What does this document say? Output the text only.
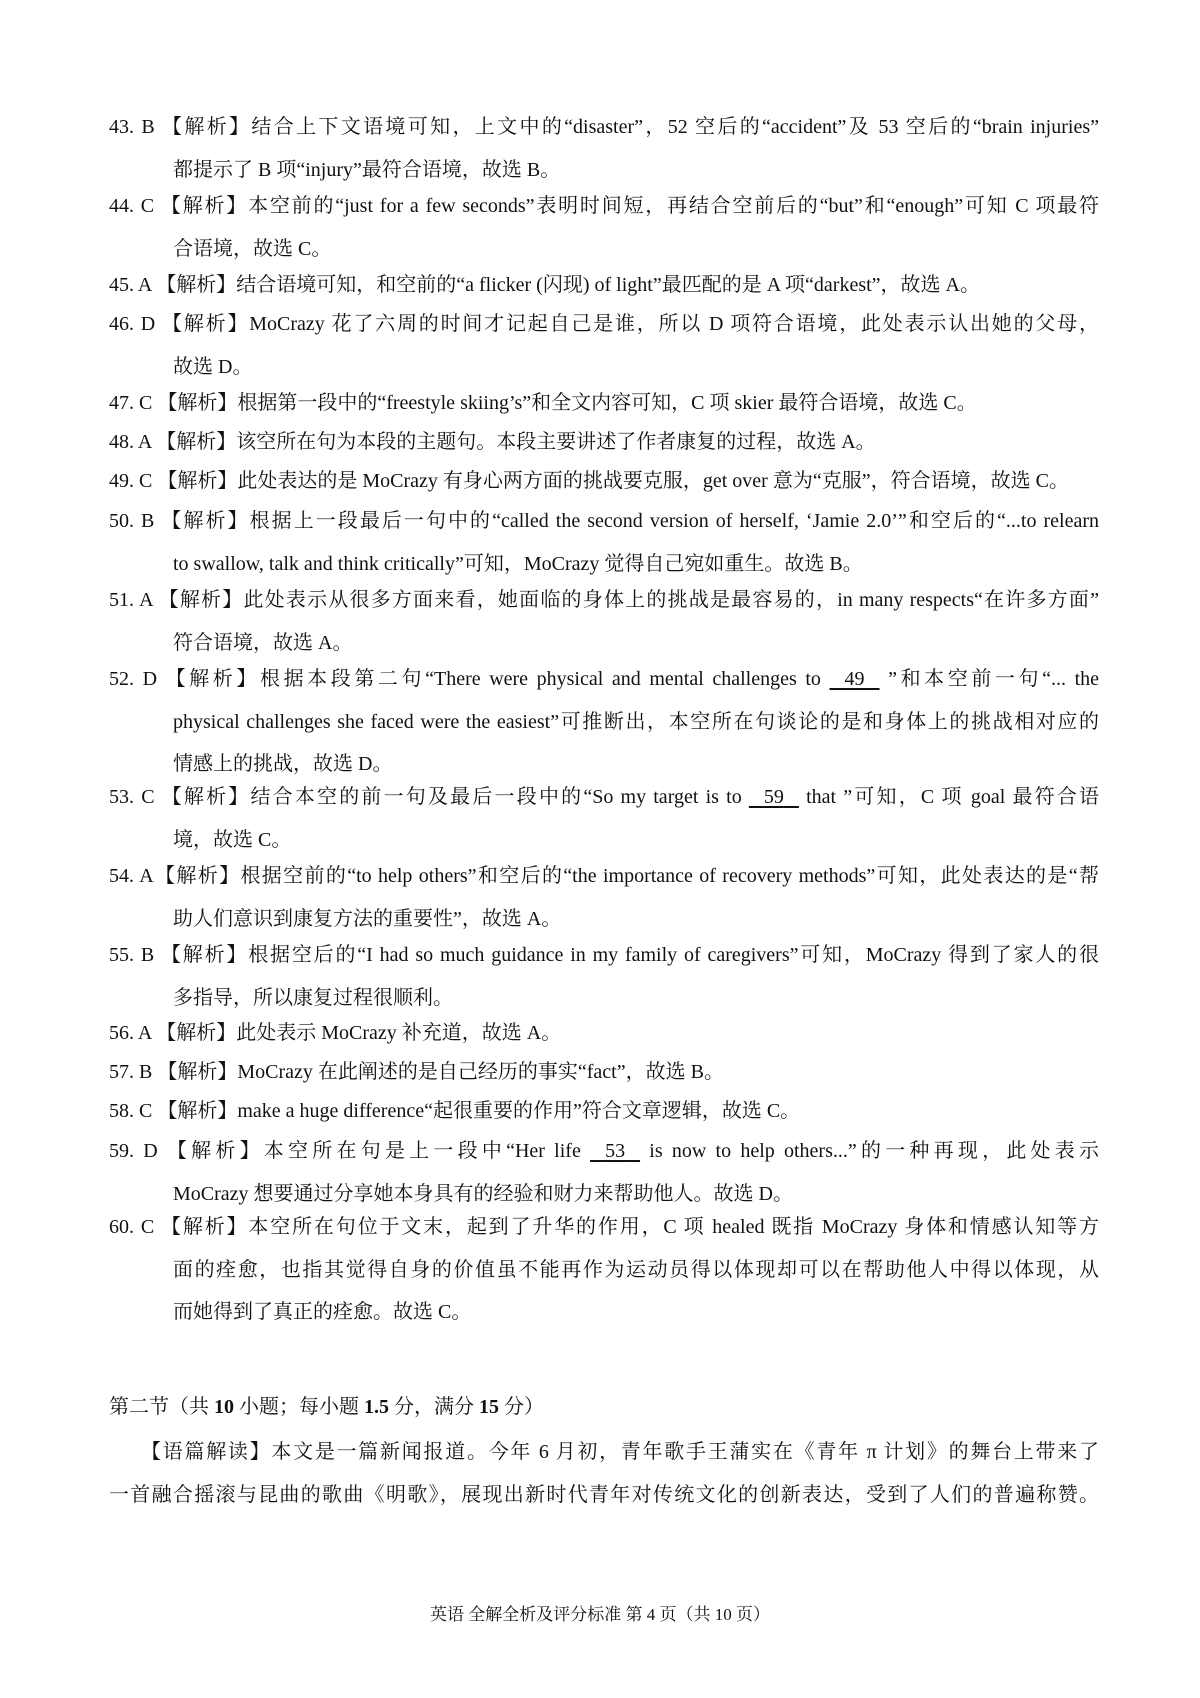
43. B 【解析】结合上下文语境可知，上文中的“disaster”，52 空后的“accident”及 53 空后的“brain injuries”
都提示了 B 项“injury”最符合语境，故选 B。
44. C 【解析】本空前的“just for a few seconds”表明时间短，再结合空前后的“but”和“enough”可知 C 项最符
合语境，故选 C。
45. A 【解析】结合语境可知，和空前的“a flicker (闪现) of light”最匹配的是 A 项“darkest”，故选 A。
46. D 【解析】MoCrazy 花了六周的时间才记起自己是谁，所以 D 项符合语境，此处表示认出她的父母，
故选 D。
47. C 【解析】根据第一段中的“freestyle skiing’s”和全文内容可知，C 项 skier 最符合语境，故选 C。
48. A 【解析】该空所在句为本段的主题句。本段主要讲述了作者康复的过程，故选 A。
49. C 【解析】此处表达的是 MoCrazy 有身心两方面的挑战要克服，get over 意为“克服”，符合语境，故选 C。
50. B 【解析】根据上一段最后一句中的“called the second version of herself, ‘Jamie 2.0’”和空后的“...to relearn
to swallow, talk and think critically”可知，MoCrazy 觉得自己宛如重生。故选 B。
51. A 【解析】此处表示从很多方面来看，她面临的身体上的挑战是最容易的，in many respects“在许多方面”
符合语境，故选 A。
52. D 【解析】根据本段第二句“There were physical and mental challenges to 49 ”和本空前一句“... the
physical challenges she faced were the easiest”可推断出，本空所在句谈论的是和身体上的挑战相对应的
情感上的挑战，故选 D。
53. C 【解析】结合本空的前一句及最后一段中的“So my target is to 59 that ”可知，C 项 goal 最符合语
境，故选 C。
54. A【解析】根据空前的“to help others”和空后的“the importance of recovery methods”可知，此处表达的是“帮
助人们意识到康复方法的重要性”，故选 A。
55. B 【解析】根据空后的“I had so much guidance in my family of caregivers”可知，MoCrazy 得到了家人的很
多指导，所以康复过程很顺利。
56. A 【解析】此处表示 MoCrazy 补充道，故选 A。
57. B 【解析】MoCrazy 在此阐述的是自己经历的事实“fact”，故选 B。
58. C 【解析】make a huge difference“起很重要的作用”符合文章逻辑，故选 C。
59. D 【解析】本空所在句是上一段中“Her life 53 is now to help others...”的一种再现，此处表示
MoCrazy 想要通过分享她本身具有的经验和财力来帮助他人。故选 D。
60. C 【解析】本空所在句位于文末，起到了升华的作用，C 项 healed 既指 MoCrazy 身体和情感认知等方
面的痊愈，也指其觉得自身的价值虽不能再作为运动员得以体现却可以在帮助他人中得以体现，从
而她得到了真正的痊愈。故选 C。
第二节（共 10 小题；每小题 1.5 分，满分 15 分）
【语篇解读】本文是一篇新闻报道。今年 6 月初，青年歌手王蒲实在《青年 π 计划》的舞台上带来了
一首融合摇滚与昆曲的歌曲《明歌》，展现出新时代青年对传统文化的创新表达，受到了人们的普遍称赞。
英语 全解全析及评分标准 第 4 页（共 10 页）
